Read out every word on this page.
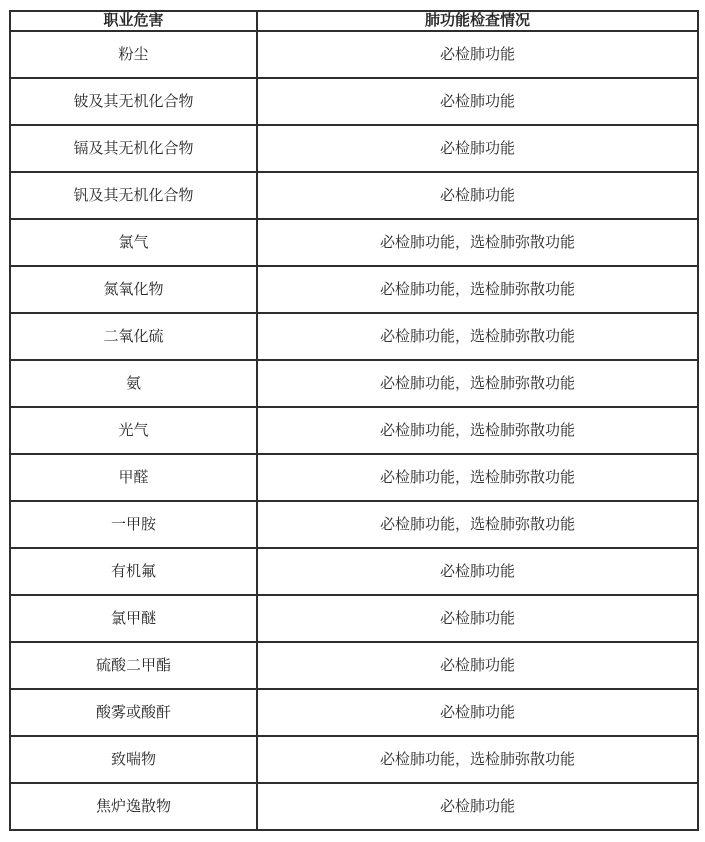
职业危害	肺功能检查情况
粉尘	必检肺功能
铍及其无机化合物	必检肺功能
镉及其无机化合物	必检肺功能
钒及其无机化合物	必检肺功能
氯气	必检肺功能，选检肺弥散功能
氮氧化物	必检肺功能，选检肺弥散功能
二氧化硫	必检肺功能，选检肺弥散功能
氨	必检肺功能，选检肺弥散功能
光气	必检肺功能，选检肺弥散功能
甲醛	必检肺功能，选检肺弥散功能
一甲胺	必检肺功能，选检肺弥散功能
有机氟	必检肺功能
氯甲醚	必检肺功能
硫酸二甲酯	必检肺功能
酸雾或酸酐	必检肺功能
致喘物	必检肺功能，选检肺弥散功能
焦炉逸散物	必检肺功能
